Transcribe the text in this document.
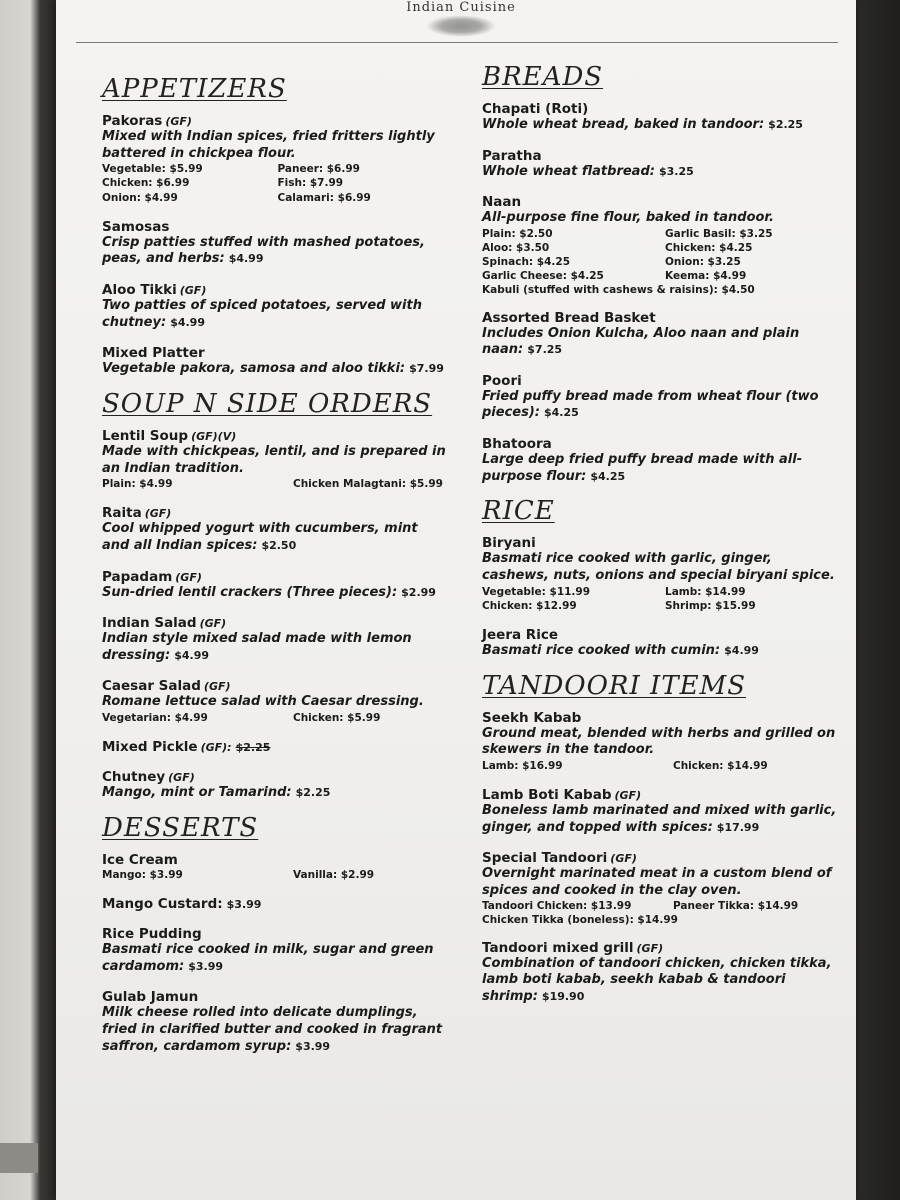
Indian Cuisine
APPETIZERS
Pakoras (GF)
Mixed with Indian spices, fried fritters lightly battered in chickpea flour.
Vegetable: $5.99	Paneer: $6.99
Chicken: $6.99	Fish: $7.99
Onion: $4.99	Calamari: $6.99
Samosas
Crisp patties stuffed with mashed potatoes, peas, and herbs: $4.99
Aloo Tikki (GF)
Two patties of spiced potatoes, served with chutney: $4.99
Mixed Platter
Vegetable pakora, samosa and aloo tikki: $7.99
SOUP N SIDE ORDERS
Lentil Soup (GF)(V)
Made with chickpeas, lentil, and is prepared in an Indian tradition.
Plain: $4.99	Chicken Malagtani: $5.99
Raita (GF)
Cool whipped yogurt with cucumbers, mint and all Indian spices: $2.50
Papadam (GF)
Sun-dried lentil crackers (Three pieces): $2.99
Indian Salad (GF)
Indian style mixed salad made with lemon dressing: $4.99
Caesar Salad (GF)
Romane lettuce salad with Caesar dressing.
Vegetarian: $4.99	Chicken: $5.99
Mixed Pickle (GF): $2.25
Chutney (GF)
Mango, mint or Tamarind: $2.25
DESSERTS
Ice Cream
Mango: $3.99	Vanilla: $2.99
Mango Custard: $3.99
Rice Pudding
Basmati rice cooked in milk, sugar and green cardamom: $3.99
Gulab Jamun
Milk cheese rolled into delicate dumplings, fried in clarified butter and cooked in fragrant saffron, cardamom syrup: $3.99
BREADS
Chapati (Roti)
Whole wheat bread, baked in tandoor: $2.25
Paratha
Whole wheat flatbread: $3.25
Naan
All-purpose fine flour, baked in tandoor.
Plain: $2.50	Garlic Basil: $3.25
Aloo: $3.50	Chicken: $4.25
Spinach: $4.25	Onion: $3.25
Garlic Cheese: $4.25	Keema: $4.99
Kabuli (stuffed with cashews & raisins): $4.50
Assorted Bread Basket
Includes Onion Kulcha, Aloo naan and plain naan: $7.25
Poori
Fried puffy bread made from wheat flour (two pieces): $4.25
Bhatoora
Large deep fried puffy bread made with all-purpose flour: $4.25
RICE
Biryani
Basmati rice cooked with garlic, ginger, cashews, nuts, onions and special biryani spice.
Vegetable: $11.99	Lamb: $14.99
Chicken: $12.99	Shrimp: $15.99
Jeera Rice
Basmati rice cooked with cumin: $4.99
TANDOORI ITEMS
Seekh Kabab
Ground meat, blended with herbs and grilled on skewers in the tandoor.
Lamb: $16.99	Chicken: $14.99
Lamb Boti Kabab (GF)
Boneless lamb marinated and mixed with garlic, ginger, and topped with spices: $17.99
Special Tandoori (GF)
Overnight marinated meat in a custom blend of spices and cooked in the clay oven.
Tandoori Chicken: $13.99	Paneer Tikka: $14.99
Chicken Tikka (boneless): $14.99
Tandoori mixed grill (GF)
Combination of tandoori chicken, chicken tikka, lamb boti kabab, seekh kabab & tandoori shrimp: $19.90
